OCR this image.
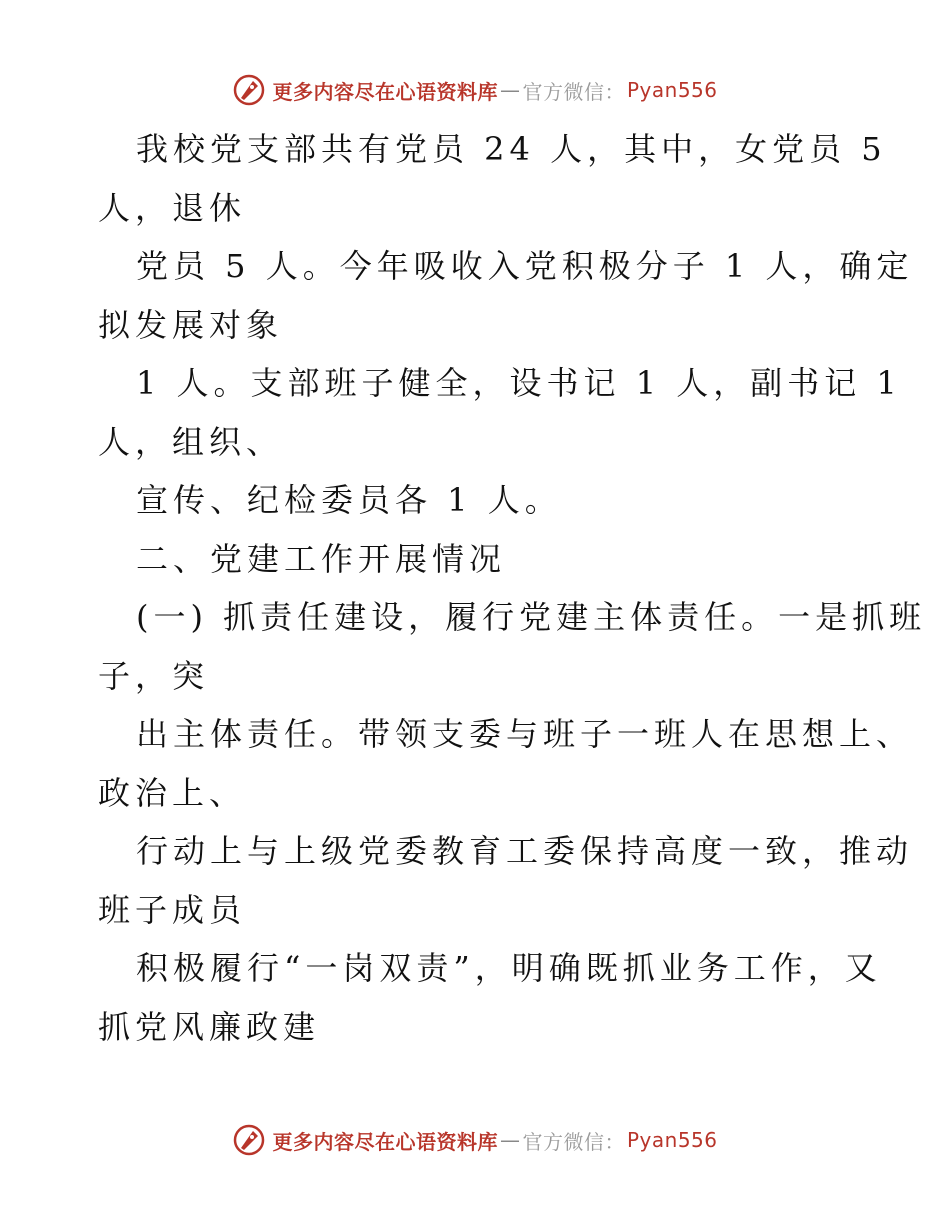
更多内容尽在心语资料库 — 官方微信： Pyan556
我校党支部共有党员 24 人，其中，女党员 5
人，退休
党员 5 人。今年吸收入党积极分子 1 人，确定
拟发展对象
1 人。支部班子健全，设书记 1 人，副书记 1
人，组织、
宣传、纪检委员各 1 人。
二、党建工作开展情况
(一) 抓责任建设，履行党建主体责任。一是抓班
子，突
出主体责任。带领支委与班子一班人在思想上、
政治上、
行动上与上级党委教育工委保持高度一致，推动
班子成员
积极履行“一岗双责”，明确既抓业务工作，又
抓党风廉政建
更多内容尽在心语资料库 — 官方微信： Pyan556
